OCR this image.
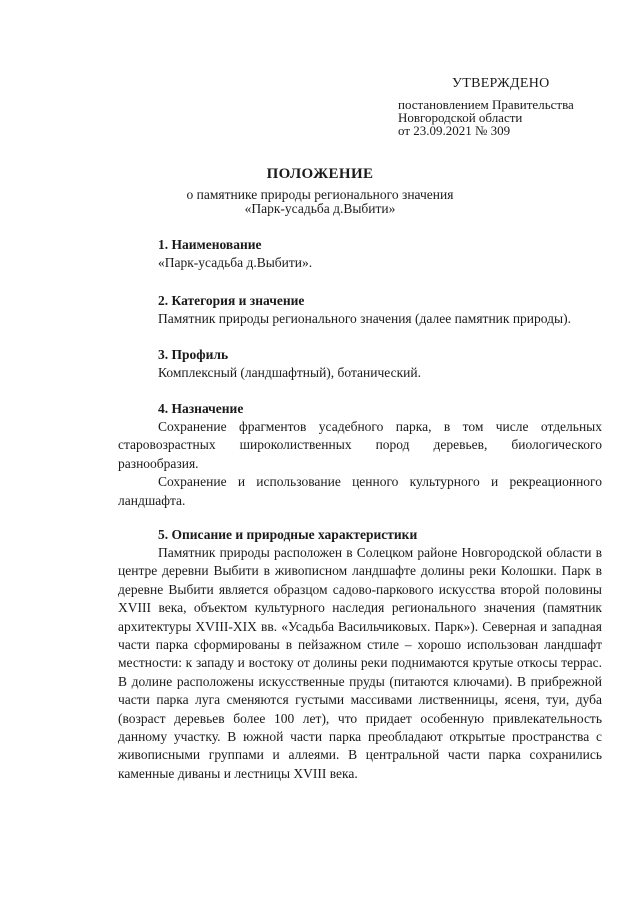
УТВЕРЖДЕНО
постановлением Правительства
Новгородской области
от 23.09.2021 № 309
ПОЛОЖЕНИЕ
о памятнике природы регионального значения
«Парк-усадьба д.Выбити»
1. Наименование

«Парк-усадьба д.Выбити».

2. Категория и значение

Памятник природы регионального значения (далее памятник природы).

3. Профиль

Комплексный (ландшафтный), ботанический.

4. Назначение

Сохранение фрагментов усадебного парка, в том числе отдельных старовозрастных широколиственных пород деревьев, биологического разнообразия.

Сохранение и использование ценного культурного и рекреационного ландшафта.

5. Описание и природные характеристики

Памятник природы расположен в Солецком районе Новгородской области в центре деревни Выбити в живописном ландшафте долины реки Колошки. Парк в деревне Выбити является образцом садово-паркового искусства второй половины XVIII века, объектом культурного наследия регионального значения (памятник архитектуры XVIII-XIX вв. «Усадьба Васильчиковых. Парк»). Северная и западная части парка сформированы в пейзажном стиле – хорошо использован ландшафт местности: к западу и востоку от долины реки поднимаются крутые откосы террас. В долине расположены искусственные пруды (питаются ключами). В прибрежной части парка луга сменяются густыми массивами лиственницы, ясеня, туи, дуба (возраст деревьев более 100 лет), что придает особенную привлекательность данному участку. В южной части парка преобладают открытые пространства с живописными группами и аллеями. В центральной части парка сохранились каменные диваны и лестницы XVIII века.
